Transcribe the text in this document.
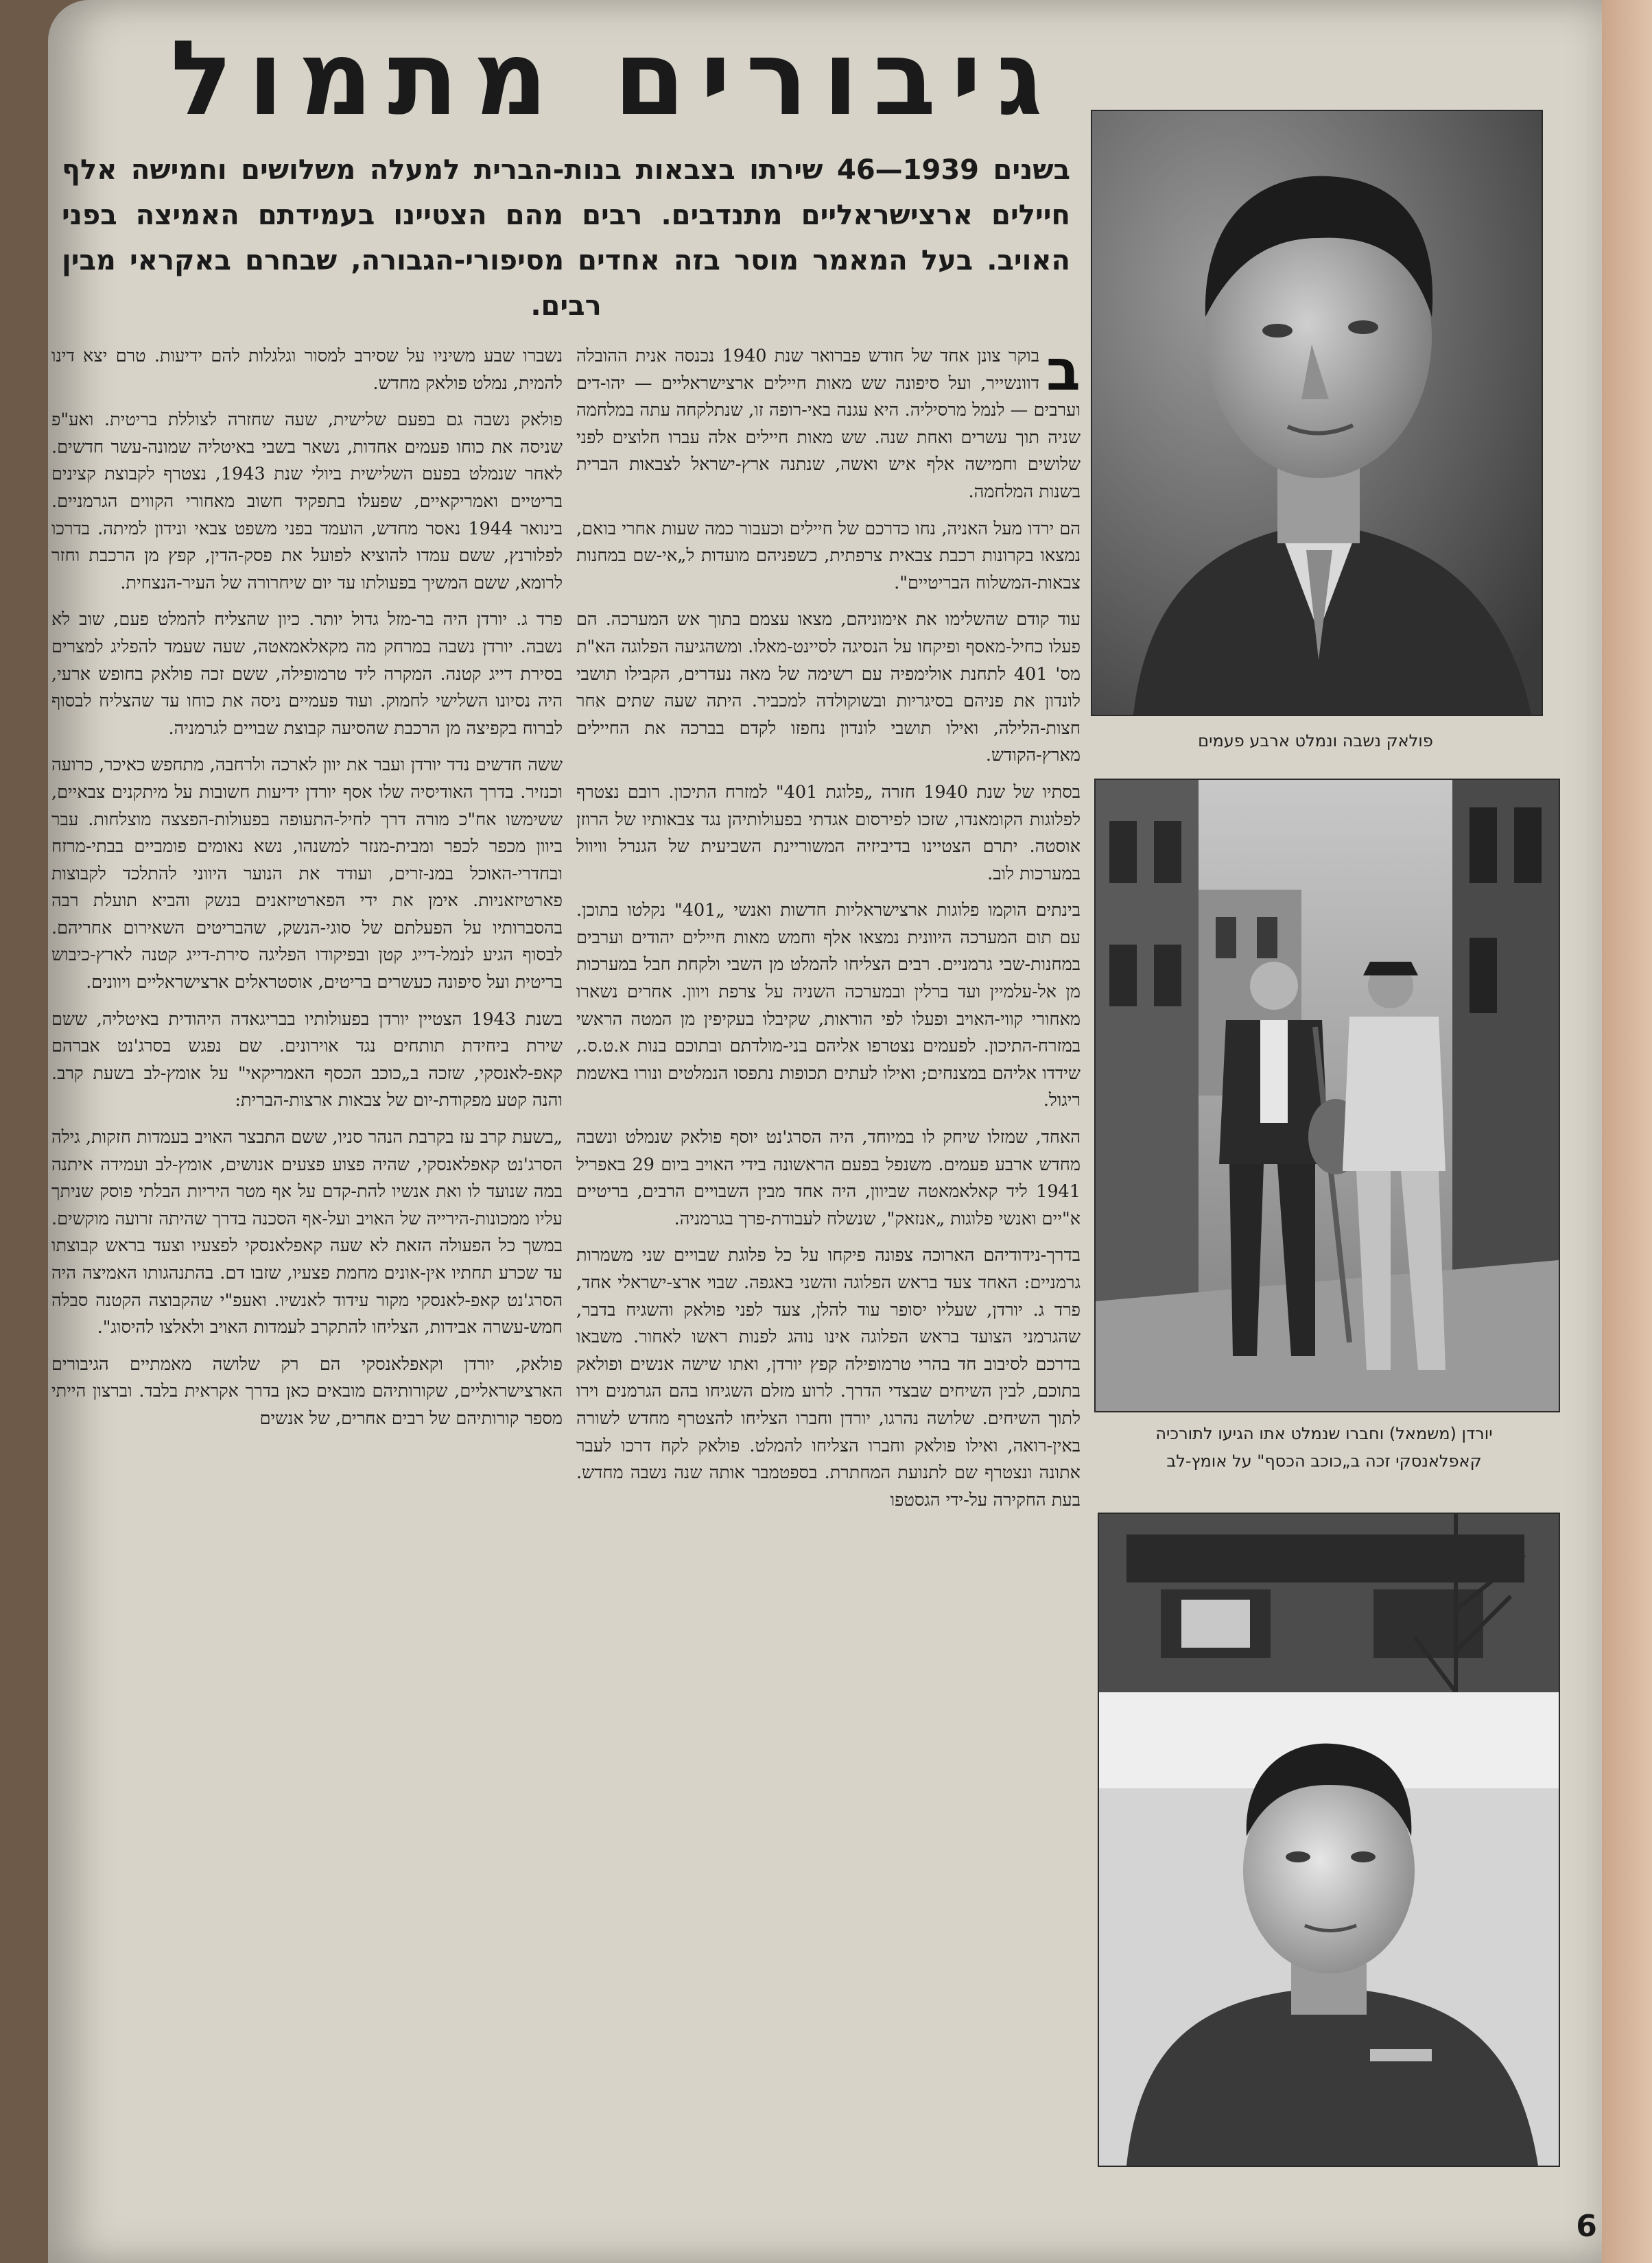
גיבורים מתמול

בשנים 1939—46 שירתו בצבאות בנות-הברית למעלה משלושים וחמישה אלף חיילים ארצישראליים מתנדבים. רבים מהם הצטיינו בעמידתם האמיצה בפני האויב. בעל המאמר מוסר בזה אחדים מסיפורי-הגבורה, שבחרם באקראי מבין רבים.

ב

בוקר צונן אחד של חודש פברואר שנת 1940 נכנסה אנית ההובלה דוונשייר, ועל סיפונה שש מאות חיילים ארצישראליים — יהו-דים וערבים — לנמל מרסיליה. היא עגנה באי-רופה זו, שנתלקחה עתה במלחמה שניה תוך עשרים ואחת שנה. שש מאות חיילים אלה עברו חלוצים לפני שלושים וחמישה אלף איש ואשה, שנתנה ארץ-ישראל לצבאות הברית בשנות המלחמה.

הם ירדו מעל האניה, נחו כדרכם של חיילים וכעבור כמה שעות אחרי בואם, נמצאו בקרונות רכבת צבאית צרפתית, כשפניהם מועדות ל„אי-שם במחנות צבאות-המשלוח הבריטיים".

עוד קודם שהשלימו את אימוניהם, מצאו עצמם בתוך אש המערכה. הם פעלו כחיל-מאסף ופיקחו על הנסיגה לסיינט-מאלו. ומשהגיעה הפלוגה הא"ת מס' 401 לתחנת אולימפיה עם רשימה של מאה נעדרים, הקבילו תושבי לונדון את פניהם בסיגריות ובשוקולדה למכביר. היתה שעה שתים אחר חצות-הלילה, ואילו תושבי לונדון נחפזו לקדם בברכה את החיילים מארץ-הקודש.

בסתיו של שנת 1940 חזרה „פלוגת 401" למזרח התיכון. רובם נצטרף לפלוגות הקומאנדו, שזכו לפירסום אגדתי בפעולותיהן נגד צבאותיו של הרוזן אוסטה. יתרם הצטיינו בדיביזיה המשוריינת השביעית של הגנרל וויוול במערכות לוב.

בינתים הוקמו פלוגות ארצישראליות חדשות ואנשי „401" נקלטו בתוכן. עם תום המערכה היוונית נמצאו אלף וחמש מאות חיילים יהודים וערבים במחנות-שבי גרמניים. רבים הצליחו להמלט מן השבי ולקחת חבל במערכות מן אל-עלמיין ועד ברלין ובמערכה השניה על צרפת ויוון. אחרים נשארו מאחורי קווי-האויב ופעלו לפי הוראות, שקיבלו בעקיפין מן המטה הראשי במזרח-התיכון. לפעמים נצטרפו אליהם בני-מולדתם ובתוכם בנות א.ט.ס., שידדו אליהם במצנחים; ואילו לעתים תכופות נתפסו הנמלטים ונורו באשמת ריגול.

האחד, שמזלו שיחק לו במיוחד, היה הסרג'נט יוסף פולאק שנמלט ונשבה מחדש ארבע פעמים. משנפל בפעם הראשונה בידי האויב ביום 29 באפריל 1941 ליד קאלאמאטה שביוון, היה אחד מבין השבויים הרבים, בריטיים א"יים ואנשי פלוגות „אנזאק", שנשלח לעבודת-פרך בגרמניה.

בדרך-נידודיהם הארוכה צפונה פיקחו על כל פלוגת שבויים שני משמרות גרמניים: האחד צעד בראש הפלוגה והשני באגפה. שבוי ארצ-ישראלי אחד, פרד ג. יורדן, שעליו יסופר עוד להלן, צעד לפני פולאק והשגיח בדבר, שהגרמני הצועד בראש הפלוגה אינו נוהג לפנות ראשו לאחור. משבאו בדרכם לסיבוב חד בהרי טרמופילה קפץ יורדן, ואתו שישה אנשים ופולאק בתוכם, לבין השיחים שבצדי הדרך. לרוע מזלם השגיחו בהם הגרמנים וירו לתוך השיחים. שלושה נהרגו, יורדן וחברו הצליחו להצטרף מחדש לשורה באין-רואה, ואילו פולאק וחברו הצליחו להמלט. פולאק לקח דרכו לעבר אתונה ונצטרף שם לתנועת המחתרת. בספטמבר אותה שנה נשבה מחדש. בעת החקירה על-ידי הגסטפו

נשברו שבע משיניו על שסירב למסור וגלגלות להם ידיעות. טרם יצא דינו להמית, נמלט פולאק מחדש.

פולאק נשבה גם בפעם שלישית, שעה שחזרה לצוללת בריטית. ואע"פ שניסה את כוחו פעמים אחדות, נשאר בשבי באיטליה שמונה-עשר חדשים. לאחר שנמלט בפעם השלישית ביולי שנת 1943, נצטרף לקבוצת קצינים בריטיים ואמריקאיים, שפעלו בתפקיד חשוב מאחורי הקווים הגרמניים. בינואר 1944 נאסר מחדש, הועמד בפני משפט צבאי ונידון למיתה. בדרכו לפלורנץ, ששם עמדו להוציא לפועל את פסק-הדין, קפץ מן הרכבת וחזר לרומא, ששם המשיך בפעולתו עד יום שיחרורה של העיר-הנצחית.

פרד ג. יורדן היה בר-מזל גדול יותר. כיון שהצליח להמלט פעם, שוב לא נשבה. יורדן נשבה במרחק מה מקאלאמאטה, שעה שעמד להפליג למצרים בסירת דייג קטנה. המקרה ליד טרמופילה, ששם זכה פולאק בחופש ארעי, היה נסיונו השלישי לחמוק. ועוד פעמיים ניסה את כוחו עד שהצליח לבסוף לברוח בקפיצה מן הרכבת שהסיעה קבוצת שבויים לגרמניה.

ששה חדשים נדד יורדן ועבר את יוון לארכה ולרחבה, מתחפש כאיכר, כרועה וכנזיר. בדרך האודיסיה שלו אסף יורדן ידיעות חשובות על מיתקנים צבאיים, ששימשו אח"כ מורה דרך לחיל-התעופה בפעולות-הפצצה מוצלחות. עבר ביוון מכפר לכפר ומבית-מנזר למשנהו, נשא נאומים פומביים בבתי-מרזח ובחדרי-האוכל במנ-זרים, ועודד את הנוער היווני להתלכד לקבוצות פארטיזאניות. אימן את ידי הפארטיזאנים בנשק והביא תועלת רבה בהסברותיו על הפעלתם של סוגי-הנשק, שהבריטים השאירום אחריהם. לבסוף הגיע לנמל-דייג קטן ובפיקודו הפליגה סירת-דייג קטנה לארץ-כיבוש בריטית ועל סיפונה כעשרים בריטים, אוסטראלים ארצישראליים ויוונים.

בשנת 1943 הצטיין יורדן בפעולותיו בבריגאדה היהודית באיטליה, ששם שירת ביחידת תותחים נגד אוירונים. שם נפגש בסרג'נט אברהם קאפ-לאנסקי, שזכה ב„כוכב הכסף האמריקאי" על אומץ-לב בשעת קרב. והנה קטע מפקודת-יום של צבאות ארצות-הברית:

„בשעת קרב עז בקרבת הנהר סניו, ששם התבצר האויב בעמדות חזקות, גילה הסרג'נט קאפלאנסקי, שהיה פצוע פצעים אנושים, אומץ-לב ועמידה איתנה במה שנועד לו ואת אנשיו להת-קדם על אף מטר היריות הבלתי פוסק שניתך עליו ממכונות-הירייה של האויב ועל-אף הסכנה בדרך שהיתה זרועה מוקשים. במשך כל הפעולה הזאת לא שעה קאפלאנסקי לפצעיו וצעד בראש קבוצתו עד שכרע תחתיו אין-אונים מחמת פצעיו, שזבו דם. בהתנהגותו האמיצה היה הסרג'נט קאפ-לאנסקי מקור עידוד לאנשיו. ואעפ"י שהקבוצה הקטנה סבלה חמש-עשרה אבידות, הצליחו להתקרב לעמדות האויב ולאלצו להיסוג".

פולאק, יורדן וקאפלאנסקי הם רק שלושה מאמתיים הגיבורים הארצישראליים, שקורותיהם מובאים כאן בדרך אקראית בלבד. וברצון הייתי מספר קורותיהם של רבים אחרים, של אנשים

פולאק נשבה ונמלט ארבע פעמים

יורדן (משמאל) וחברו שנמלט אתו הגיעו לתורכיה
קאפלאנסקי זכה ב„כוכב הכסף" על אומץ-לב

6
